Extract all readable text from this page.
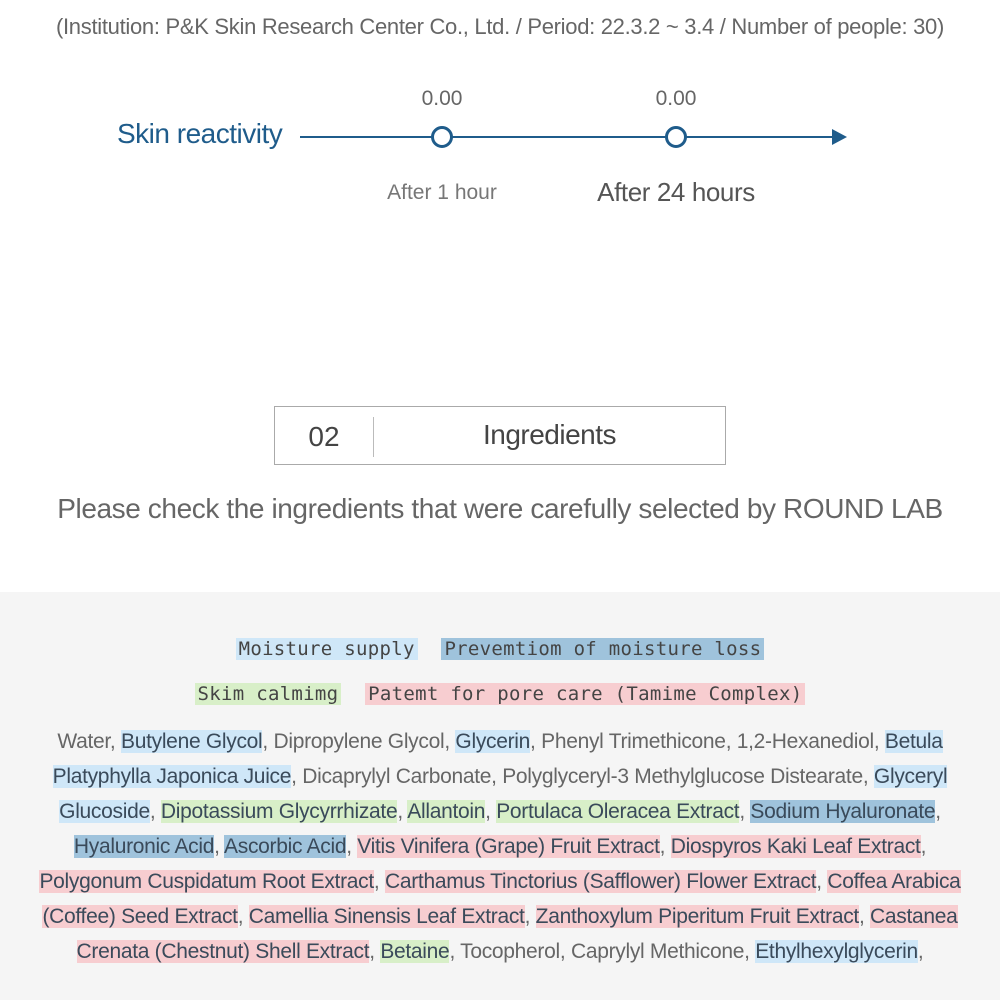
(Institution: P&K Skin Research Center Co., Ltd. / Period: 22.3.2 ~ 3.4 / Number of people: 30)
Skin reactivity
0.00	0.00
After 1 hour	After 24 hours
02	Ingredients
Please check the ingredients that were carefully selected by ROUND LAB
Moisture supply Prevemtiom of moisture loss
Skim calmimg Patemt for pore care (Tamime Complex)
Water, Butylene Glycol, Dipropylene Glycol, Glycerin, Phenyl Trimethicone, 1,2-Hexanediol, Betula Platyphylla Japonica Juice, Dicaprylyl Carbonate, Polyglyceryl-3 Methylglucose Distearate, Glyceryl Glucoside, Dipotassium Glycyrrhizate, Allantoin, Portulaca Oleracea Extract, Sodium Hyaluronate, Hyaluronic Acid, Ascorbic Acid, Vitis Vinifera (Grape) Fruit Extract, Diospyros Kaki Leaf Extract, Polygonum Cuspidatum Root Extract, Carthamus Tinctorius (Safflower) Flower Extract, Coffea Arabica (Coffee) Seed Extract, Camellia Sinensis Leaf Extract, Zanthoxylum Piperitum Fruit Extract, Castanea Crenata (Chestnut) Shell Extract, Betaine, Tocopherol, Caprylyl Methicone, Ethylhexylglycerin,
